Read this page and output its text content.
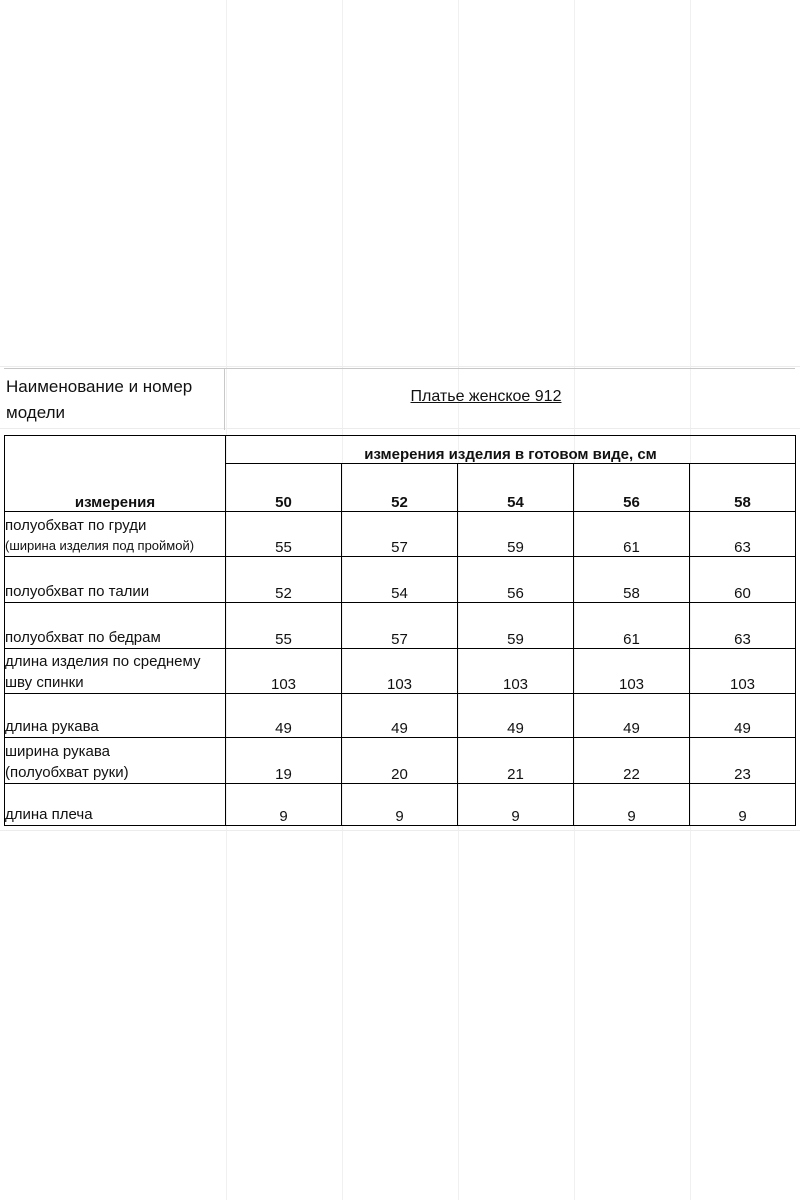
Наименование и номер модели
Платье женское 912
измерения	измерения изделия в готовом виде, см				
	50	52	54	56	58

полуобхват по груди
(ширина изделия под проймой)	55	57	59	61	63

полуобхват по талии	52	54	56	58	60

полуобхват по бедрам	55	57	59	61	63

длина изделия по среднему
шву спинки	103	103	103	103	103

длина рукава	49	49	49	49	49

ширина рукава
(полуобхват руки)	19	20	21	22	23

длина плеча	9	9	9	9	9
